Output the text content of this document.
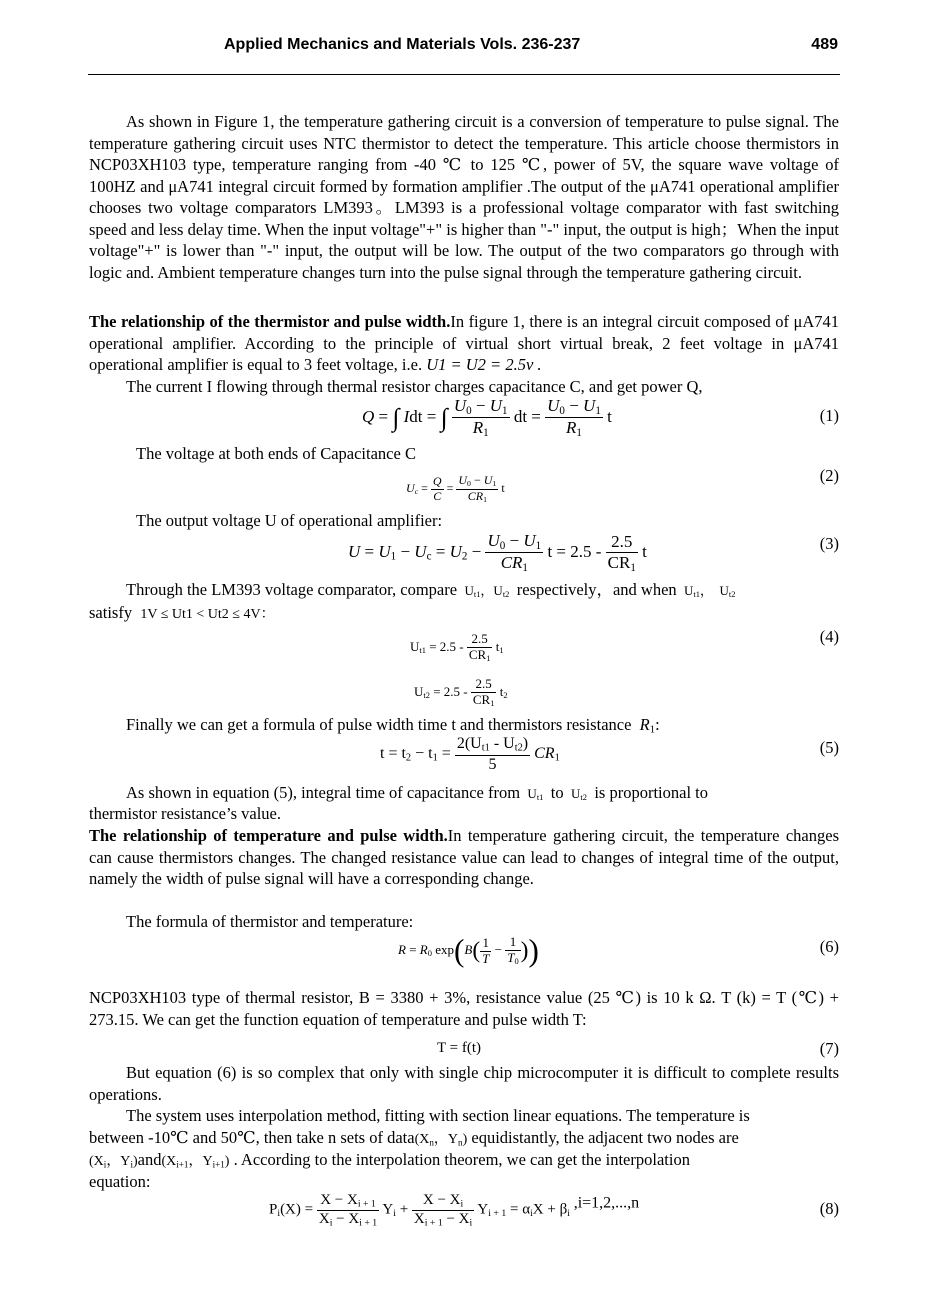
Applied Mechanics and Materials Vols. 236-237	489
As shown in Figure 1, the temperature gathering circuit is a conversion of temperature to pulse signal. The temperature gathering circuit uses NTC thermistor to detect the temperature. This article choose thermistors in NCP03XH103 type, temperature ranging from -40 ℃ to 125 ℃, power of 5V, the square wave voltage of 100HZ and μA741 integral circuit formed by formation amplifier .The output of the μA741 operational amplifier chooses two voltage comparators LM393。LM393 is a professional voltage comparator with fast switching speed and less delay time. When the input voltage"+" is higher than "-" input, the output is high；When the input voltage"+" is lower than "-" input, the output will be low. The output of the two comparators go through with logic and. Ambient temperature changes turn into the pulse signal through the temperature gathering circuit.
The relationship of the thermistor and pulse width.In figure 1, there is an integral circuit composed of μA741 operational amplifier. According to the principle of virtual short virtual break, 2 feet voltage in μA741 operational amplifier is equal to 3 feet voltage, i.e. U1 = U2 = 2.5v .
The current I flowing through thermal resistor charges capacitance C, and get power Q,
Q = ∫ Idt = ∫ $\frac{U_0 - U_1}{R_1}$ dt = $\frac{U_0 - U_1}{R_1}$ t	(1)
The voltage at both ends of Capacitance C
$U_c = \frac{Q}{C} = \frac{U_0 - U_1}{CR_1}$ t
(2)
The output voltage U of operational amplifier:
$U = U_1 - U_c = U_2 - \frac{U_0 - U_1}{CR_1}$ $t = 2.5 - \frac{2.5}{CR_1}$ t	(3)
Through the LM393 voltage comparator, compare  $U_{t1}$，$U_{t2}$ respectively，and when  $U_{t1}$，  $U_{t2}$
satisfy 1V ≤ Ut1 < Ut2 ≤ 4V：
$U_{t1} = 2.5 - \frac{2.5}{CR_1} t_1$
(4)
$U_{t2} = 2.5 - \frac{2.5}{CR_1} t_2$
Finally we can get a formula of pulse width time t and thermistors resistance $R_1$:
$t = t_2 - t_1 = \frac{2(U_{t1} - U_{t2})}{5} CR_1$
(5)
As shown in equation (5), integral time of capacitance from  $U_{t1}$ to  $U_{t2}$ is proportional to
thermistor resistance’s value.
The relationship of temperature and pulse width.In temperature gathering circuit, the temperature changes can cause thermistors changes. The changed resistance value can lead to changes of integral time of the output, namely the width of pulse signal will have a corresponding change.
The formula of thermistor and temperature:
$R = R_0$ $\exp(B( \frac{1}{T} - \frac{1}{T_0}$ ))	(6)
NCP03XH103 type of thermal resistor, B = 3380 + 3%, resistance value (25 ℃) is 10 k Ω. T (k) = T (℃) + 273.15. We can get the function equation of temperature and pulse width T:
T = f(t)	(7)
But equation (6) is so complex that only with single chip microcomputer it is difficult to complete results operations.
The system uses interpolation method, fitting with section linear equations. The temperature is
between -10℃ and 50℃, then take n sets of $data(X_n$，$Y_n$) equidistantly, the adjacent two nodes are
($X_i$，$Y_i)and(X_{i+1}$，$Y_{i+1}$) . According to the interpolation theorem, we can get the interpolation
equation:
$P_i(X) = \frac{X - X_{i + 1}}{X_i - X_{i + 1}} Y_i + \frac{X - X_i}{X_{i + 1} - X_i} Y_{i + 1} = \alpha_iX + \beta_i$ ,i=1,2,...,n	(8)
